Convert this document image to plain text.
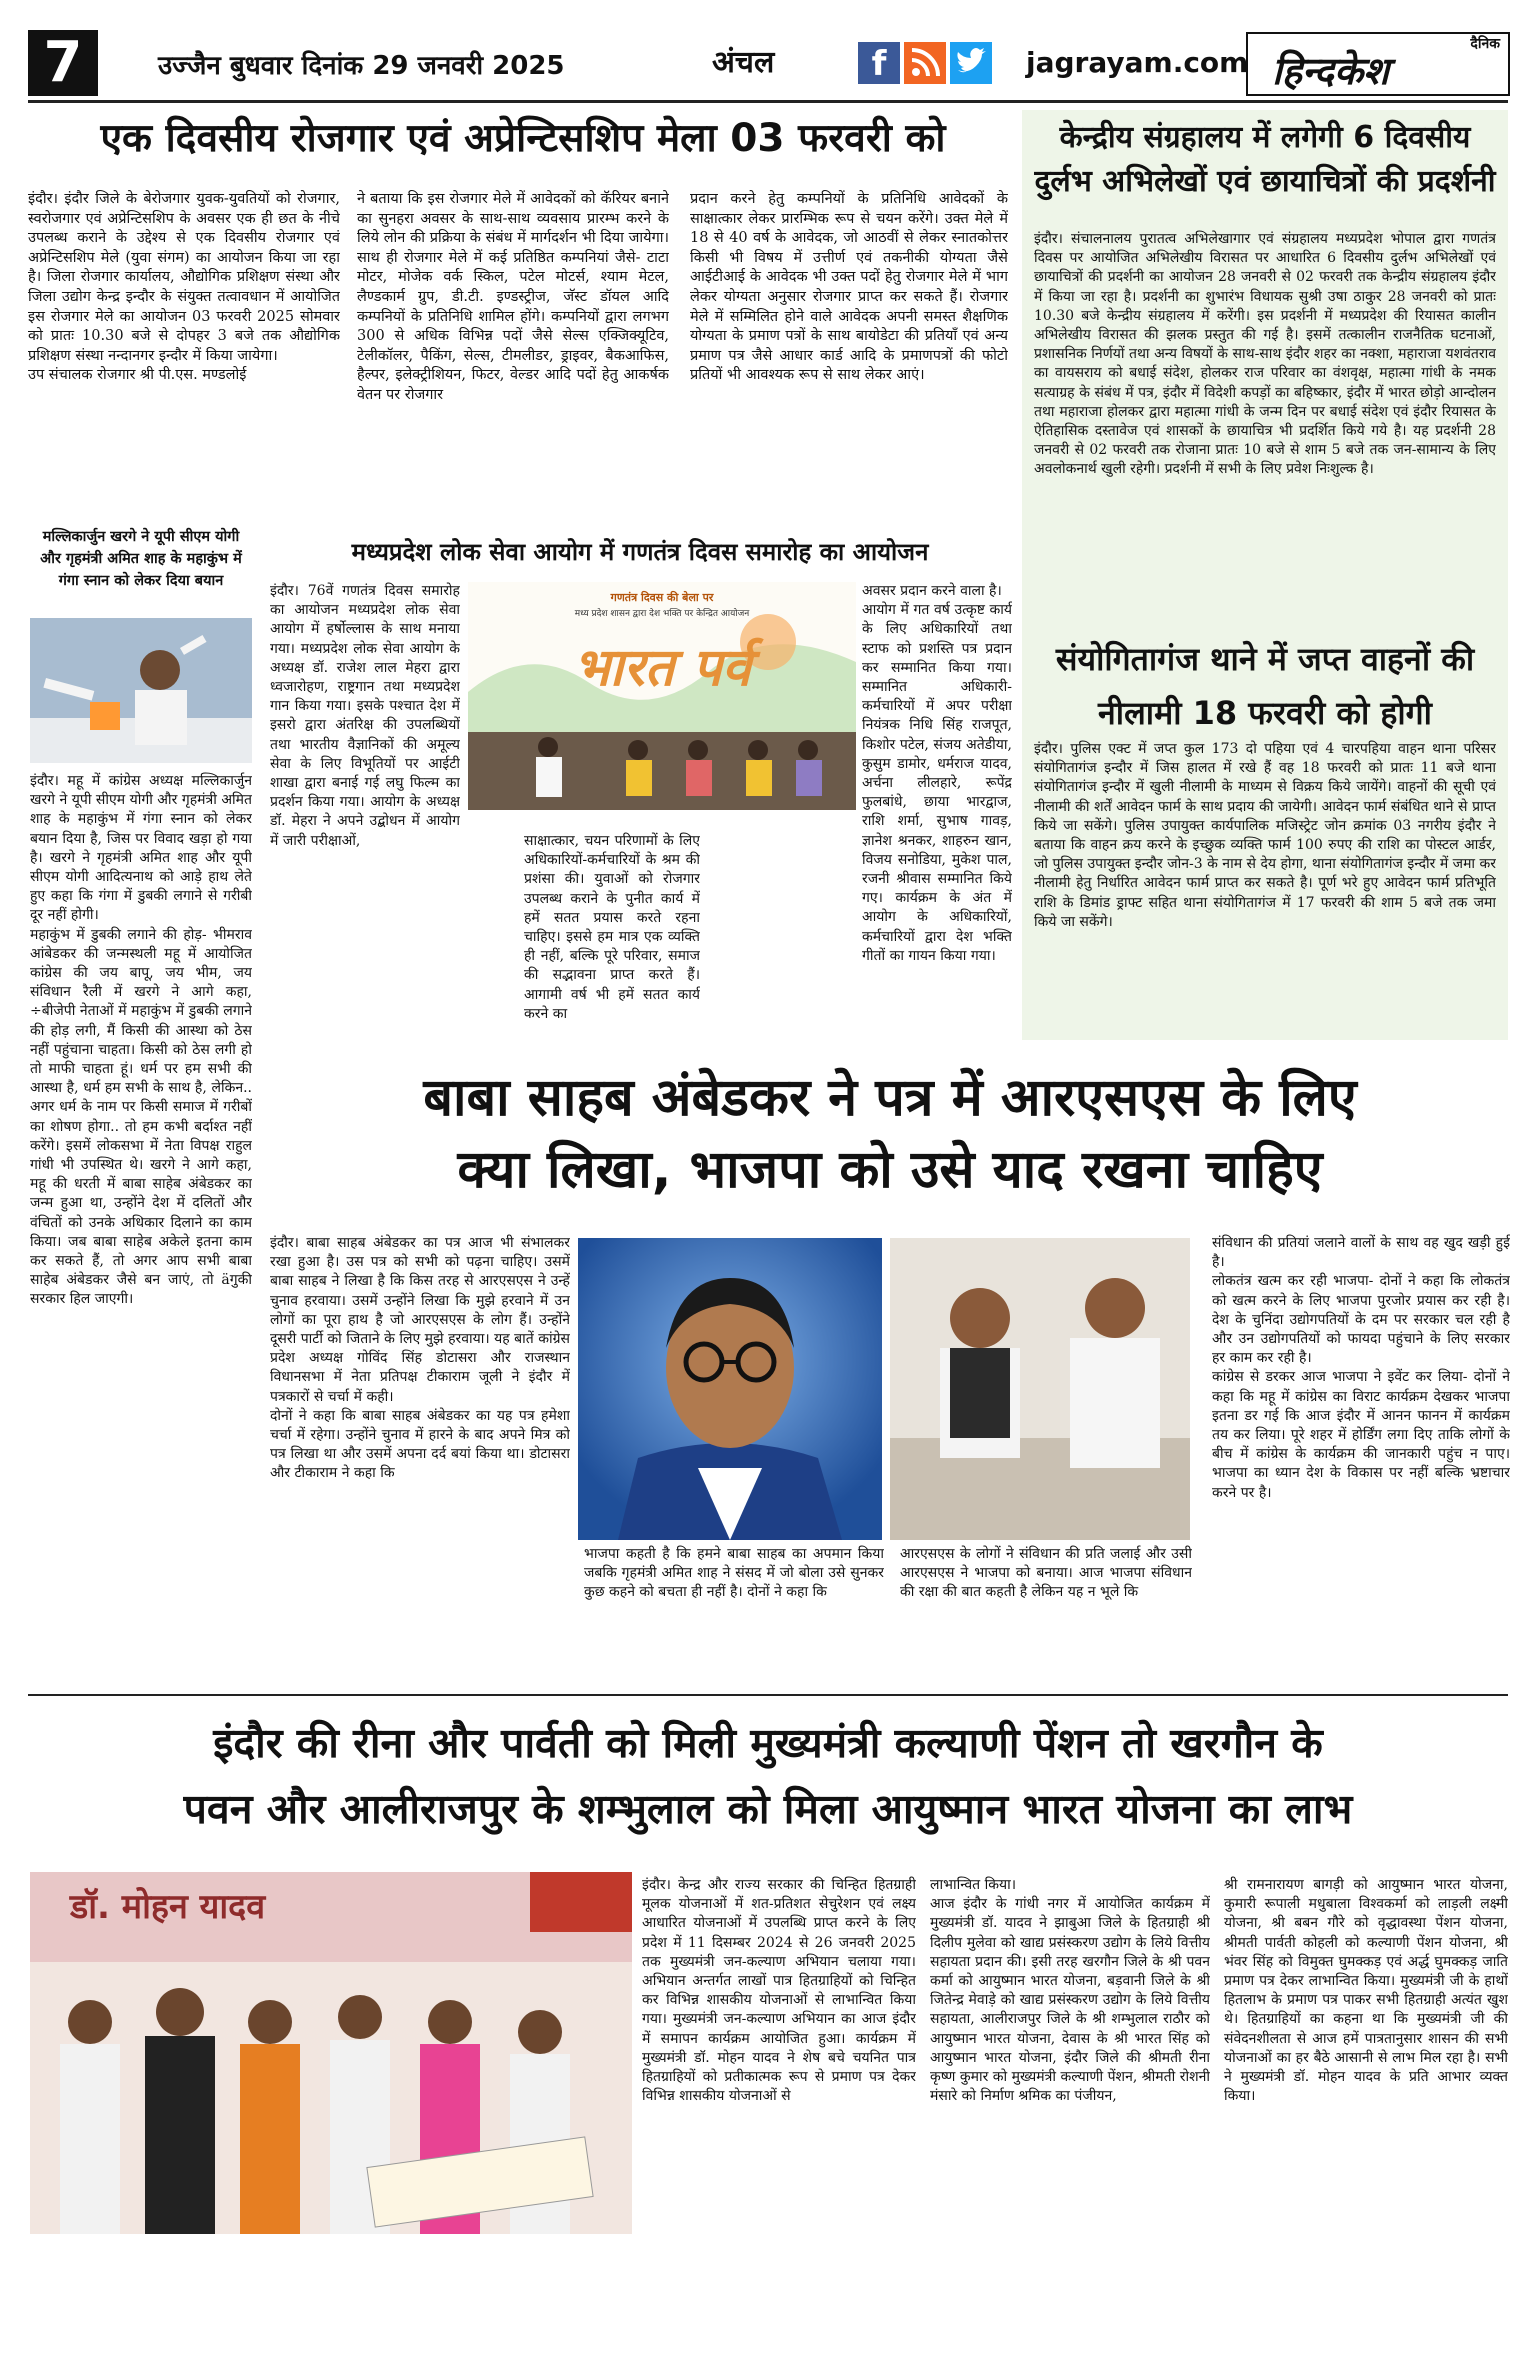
7	उज्जैन बुधवार दिनांक 29 जनवरी 2025	अंचल	f	jagrayam.com
दैनिक
हिन्दकेश
एक दिवसीय रोजगार एवं अप्रेन्टिसशिप मेला 03 फरवरी को
इंदौर। इंदौर जिले के बेरोजगार युवक-युवतियों को रोजगार, स्वरोजगार एवं अप्रेन्टिसशिप के अवसर एक ही छत के नीचे उपलब्ध कराने के उद्देश्य से एक दिवसीय रोजगार एवं अप्रेन्टिसशिप मेले (युवा संगम) का आयोजन किया जा रहा है। जिला रोजगार कार्यालय, औद्योगिक प्रशिक्षण संस्था और जिला उद्योग केन्द्र इन्दौर के संयुक्त तत्वावधान में आयोजित इस रोजगार मेले का आयोजन 03 फरवरी 2025 सोमवार को प्रातः 10.30 बजे से दोपहर 3 बजे तक औद्योगिक प्रशिक्षण संस्था नन्दानगर इन्दौर में किया जायेगा।
उप संचालक रोजगार श्री पी.एस. मण्डलोई
ने बताया कि इस रोजगार मेले में आवेदकों को कॅरियर बनाने का सुनहरा अवसर के साथ-साथ व्यवसाय प्रारम्भ करने के लिये लोन की प्रक्रिया के संबंध में मार्गदर्शन भी दिया जायेगा। साथ ही रोजगार मेले में कई प्रतिष्ठित कम्पनियां जैसे- टाटा मोटर, मोजेक वर्क स्किल, पटेल मोटर्स, श्याम मेटल, लैण्डकार्म ग्रुप, डी.टी. इण्डस्ट्रीज, जॅस्ट डॉयल आदि कम्पनियों के प्रतिनिधि शामिल होंगे। कम्पनियों द्वारा लगभग 300 से अधिक विभिन्न पदों जैसे सेल्स एक्जिक्यूटिव, टेलीकॉलर, पैकिंग, सेल्स, टीमलीडर, ड्राइवर, बैकआफिस, हैल्पर, इलेक्ट्रीशियन, फिटर, वेल्डर आदि पदों हेतु आकर्षक वेतन पर रोजगार
प्रदान करने हेतु कम्पनियों के प्रतिनिधि आवेदकों के साक्षात्कार लेकर प्रारम्भिक रूप से चयन करेंगे। उक्त मेले में 18 से 40 वर्ष के आवेदक, जो आठवीं से लेकर स्नातकोत्तर किसी भी विषय में उत्तीर्ण एवं तकनीकी योग्यता जैसे आईटीआई के आवेदक भी उक्त पदों हेतु रोजगार मेले में भाग लेकर योग्यता अनुसार रोजगार प्राप्त कर सकते हैं। रोजगार मेले में सम्मिलित होने वाले आवेदक अपनी समस्त शैक्षणिक योग्यता के प्रमाण पत्रों के साथ बायोडेटा की प्रतियाँ एवं अन्य प्रमाण पत्र जैसे आधार कार्ड आदि के प्रमाणपत्रों की फोटो प्रतियों भी आवश्यक रूप से साथ लेकर आएं।
केन्द्रीय संग्रहालय में लगेगी 6 दिवसीय दुर्लभ अभिलेखों एवं छायाचित्रों की प्रदर्शनी
इंदौर। संचालनालय पुरातत्व अभिलेखागार एवं संग्रहालय मध्यप्रदेश भोपाल द्वारा गणतंत्र दिवस पर आयोजित अभिलेखीय विरासत पर आधारित 6 दिवसीय दुर्लभ अभिलेखों एवं छायाचित्रों की प्रदर्शनी का आयोजन 28 जनवरी से 02 फरवरी तक केन्द्रीय संग्रहालय इंदौर में किया जा रहा है। प्रदर्शनी का शुभारंभ विधायक सुश्री उषा ठाकुर 28 जनवरी को प्रातः 10.30 बजे केन्द्रीय संग्रहालय में करेंगी। इस प्रदर्शनी में मध्यप्रदेश की रियासत कालीन अभिलेखीय विरासत की झलक प्रस्तुत की गई है। इसमें तत्कालीन राजनैतिक घटनाओं, प्रशासनिक निर्णयों तथा अन्य विषयों के साथ-साथ इंदौर शहर का नक्शा, महाराजा यशवंतराव का वायसराय को बधाई संदेश, होलकर राज परिवार का वंशवृक्ष, महात्मा गांधी के नमक सत्याग्रह के संबंध में पत्र, इंदौर में विदेशी कपड़ों का बहिष्कार, इंदौर में भारत छोड़ो आन्दोलन तथा महाराजा होलकर द्वारा महात्मा गांधी के जन्म दिन पर बधाई संदेश एवं इंदौर रियासत के ऐतिहासिक दस्तावेज एवं शासकों के छायाचित्र भी प्रदर्शित किये गये है। यह प्रदर्शनी 28 जनवरी से 02 फरवरी तक रोजाना प्रातः 10 बजे से शाम 5 बजे तक जन-सामान्य के लिए अवलोकनार्थ खुली रहेगी। प्रदर्शनी में सभी के लिए प्रवेश निःशुल्क है।
संयोगितागंज थाने में जप्त वाहनों की नीलामी 18 फरवरी को होगी
इंदौर। पुलिस एक्ट में जप्त कुल 173 दो पहिया एवं 4 चारपहिया वाहन थाना परिसर संयोगितागंज इन्दौर में जिस हालत में रखे हैं वह 18 फरवरी को प्रातः 11 बजे थाना संयोगितागंज इन्दौर में खुली नीलामी के माध्यम से विक्रय किये जायेंगे। वाहनों की सूची एवं नीलामी की शर्तें आवेदन फार्म के साथ प्रदाय की जायेगी। आवेदन फार्म संबंधित थाने से प्राप्त किये जा सकेंगे। पुलिस उपायुक्त कार्यपालिक मजिस्ट्रेट जोन क्रमांक 03 नगरीय इंदौर ने बताया कि वाहन क्रय करने के इच्छुक व्यक्ति फार्म 100 रुपए की राशि का पोस्टल आर्डर, जो पुलिस उपायुक्त इन्दौर जोन-3 के नाम से देय होगा, थाना संयोगितागंज इन्दौर में जमा कर नीलामी हेतु निर्धारित आवेदन फार्म प्राप्त कर सकते है। पूर्ण भरे हुए आवेदन फार्म प्रतिभूति राशि के डिमांड ड्राफ्ट सहित थाना संयोगितागंज में 17 फरवरी की शाम 5 बजे तक जमा किये जा सकेंगे।
मल्लिकार्जुन खरगे ने यूपी सीएम योगी और गृहमंत्री अमित शाह के महाकुंभ में गंगा स्नान को लेकर दिया बयान
इंदौर। महू में कांग्रेस अध्यक्ष मल्लिकार्जुन खरगे ने यूपी सीएम योगी और गृहमंत्री अमित शाह के महाकुंभ में गंगा स्नान को लेकर बयान दिया है, जिस पर विवाद खड़ा हो गया है। खरगे ने गृहमंत्री अमित शाह और यूपी सीएम योगी आदित्यनाथ को आड़े हाथ लेते हुए कहा कि गंगा में डुबकी लगाने से गरीबी दूर नहीं होगी।
महाकुंभ में डुबकी लगाने की होड़- भीमराव आंबेडकर की जन्मस्थली महू में आयोजित कांग्रेस की जय बापू, जय भीम, जय संविधान रैली में खरगे ने आगे कहा, ÷बीजेपी नेताओं में महाकुंभ में डुबकी लगाने की होड़ लगी, मैं किसी की आस्था को ठेस नहीं पहुंचाना चाहता। किसी को ठेस लगी हो तो माफी चाहता हूं। धर्म पर हम सभी की आस्था है, धर्म हम सभी के साथ है, लेकिन.. अगर धर्म के नाम पर किसी समाज में गरीबों का शोषण होगा.. तो हम कभी बर्दाश्त नहीं करेंगे। इसमें लोकसभा में नेता विपक्ष राहुल गांधी भी उपस्थित थे। खरगे ने आगे कहा, महू की धरती में बाबा साहेब अंबेडकर का जन्म हुआ था, उन्होंने देश में दलितों और वंचितों को उनके अधिकार दिलाने का काम किया। जब बाबा साहेब अकेले इतना काम कर सकते हैं, तो अगर आप सभी बाबा साहेब अंबेडकर जैसे बन जाएं, तो äगुकी सरकार हिल जाएगी।
मध्यप्रदेश लोक सेवा आयोग में गणतंत्र दिवस समारोह का आयोजन
इंदौर। 76वें गणतंत्र दिवस समारोह का आयोजन मध्यप्रदेश लोक सेवा आयोग में हर्षोल्लास के साथ मनाया गया। मध्यप्रदेश लोक सेवा आयोग के अध्यक्ष डॉ. राजेश लाल मेहरा द्वारा ध्वजारोहण, राष्ट्रगान तथा मध्यप्रदेश गान किया गया। इसके पश्चात देश में इसरो द्वारा अंतरिक्ष की उपलब्धियों तथा भारतीय वैज्ञानिकों की अमूल्य सेवा के लिए विभूतियों पर आईटी शाखा द्वारा बनाई गई लघु फिल्म का प्रदर्शन किया गया। आयोग के अध्यक्ष डॉ. मेहरा ने अपने उद्बोधन में आयोग में जारी परीक्षाओं,
गणतंत्र दिवस की बेला पर
मध्य प्रदेश शासन द्वारा देश भक्ति पर केन्द्रित आयोजन
भारत पर्व
साक्षात्कार, चयन परिणामों के लिए अधिकारियों-कर्मचारियों के श्रम की प्रशंसा की। युवाओं को रोजगार उपलब्ध कराने के पुनीत कार्य में हमें सतत प्रयास करते रहना चाहिए। इससे हम मात्र एक व्यक्ति ही नहीं, बल्कि पूरे परिवार, समाज की सद्भावना प्राप्त करते हैं। आगामी वर्ष भी हमें सतत कार्य करने का
अवसर प्रदान करने वाला है।
आयोग में गत वर्ष उत्कृष्ट कार्य के लिए अधिकारियों तथा स्टाफ को प्रशस्ति पत्र प्रदान कर सम्मानित किया गया। सम्मानित अधिकारी-कर्मचारियों में अपर परीक्षा नियंत्रक निधि सिंह राजपूत, किशोर पटेल, संजय अतेडीया, कुसुम डामोर, धर्मराज यादव, अर्चना लीलहारे, रूपेंद्र फुलबांधे, छाया भारद्वाज, राशि शर्मा, सुभाष गावड़, ज्ञानेश श्रनकर, शाहरुन खान, विजय सनोडिया, मुकेश पाल, रजनी श्रीवास सम्मानित किये गए। कार्यक्रम के अंत में आयोग के अधिकारियों, कर्मचारियों द्वारा देश भक्ति गीतों का गायन किया गया।
बाबा साहब अंबेडकर ने पत्र में आरएसएस के लिए
क्या लिखा, भाजपा को उसे याद रखना चाहिए
इंदौर। बाबा साहब अंबेडकर का पत्र आज भी संभालकर रखा हुआ है। उस पत्र को सभी को पढ़ना चाहिए। उसमें बाबा साहब ने लिखा है कि किस तरह से आरएसएस ने उन्हें चुनाव हरवाया। उसमें उन्होंने लिखा कि मुझे हरवाने में उन लोगों का पूरा हाथ है जो आरएसएस के लोग हैं। उन्होंने दूसरी पार्टी को जिताने के लिए मुझे हरवाया। यह बातें कांग्रेस प्रदेश अध्यक्ष गोविंद सिंह डोटासरा और राजस्थान विधानसभा में नेता प्रतिपक्ष टीकाराम जूली ने इंदौर में पत्रकारों से चर्चा में कही।
दोनों ने कहा कि बाबा साहब अंबेडकर का यह पत्र हमेशा चर्चा में रहेगा। उन्होंने चुनाव में हारने के बाद अपने मित्र को पत्र लिखा था और उसमें अपना दर्द बयां किया था। डोटासरा और टीकाराम ने कहा कि
भाजपा कहती है कि हमने बाबा साहब का अपमान किया जबकि गृहमंत्री अमित शाह ने संसद में जो बोला उसे सुनकर कुछ कहने को बचता ही नहीं है। दोनों ने कहा कि
आरएसएस के लोगों ने संविधान की प्रति जलाई और उसी आरएसएस ने भाजपा को बनाया। आज भाजपा संविधान की रक्षा की बात कहती है लेकिन यह न भूले कि
संविधान की प्रतियां जलाने वालों के साथ वह खुद खड़ी हुई है।
लोकतंत्र खत्म कर रही भाजपा- दोनों ने कहा कि लोकतंत्र को खत्म करने के लिए भाजपा पुरजोर प्रयास कर रही है। देश के चुनिंदा उद्योगपतियों के दम पर सरकार चल रही है और उन उद्योगपतियों को फायदा पहुंचाने के लिए सरकार हर काम कर रही है।
कांग्रेस से डरकर आज भाजपा ने इवेंट कर लिया- दोनों ने कहा कि महू में कांग्रेस का विराट कार्यक्रम देखकर भाजपा इतना डर गई कि आज इंदौर में आनन फानन में कार्यक्रम तय कर लिया। पूरे शहर में होर्डिंग लगा दिए ताकि लोगों के बीच में कांग्रेस के कार्यक्रम की जानकारी पहुंच न पाए। भाजपा का ध्यान देश के विकास पर नहीं बल्कि भ्रष्टाचार करने पर है।
इंदौर की रीना और पार्वती को मिली मुख्यमंत्री कल्याणी पेंशन तो खरगौन के
पवन और आलीराजपुर के शम्भुलाल को मिला आयुष्मान भारत योजना का लाभ
डॉ. मोहन यादव
इंदौर। केन्द्र और राज्य सरकार की चिन्हित हितग्राही मूलक योजनाओं में शत-प्रतिशत सेचुरेशन एवं लक्ष्य आधारित योजनाओं में उपलब्धि प्राप्त करने के लिए प्रदेश में 11 दिसम्बर 2024 से 26 जनवरी 2025 तक मुख्यमंत्री जन-कल्याण अभियान चलाया गया। अभियान अन्तर्गत लाखों पात्र हितग्राहियों को चिन्हित कर विभिन्न शासकीय योजनाओं से लाभान्वित किया गया। मुख्यमंत्री जन-कल्याण अभियान का आज इंदौर में समापन कार्यक्रम आयोजित हुआ। कार्यक्रम में मुख्यमंत्री डॉ. मोहन यादव ने शेष बचे चयनित पात्र हितग्राहियों को प्रतीकात्मक रूप से प्रमाण पत्र देकर विभिन्न शासकीय योजनाओं से
लाभान्वित किया।
आज इंदौर के गांधी नगर में आयोजित कार्यक्रम में मुख्यमंत्री डॉ. यादव ने झाबुआ जिले के हितग्राही श्री दिलीप मुलेवा को खाद्य प्रसंस्करण उद्योग के लिये वित्तीय सहायता प्रदान की। इसी तरह खरगौन जिले के श्री पवन कर्मा को आयुष्मान भारत योजना, बड़वानी जिले के श्री जितेन्द्र मेवाड़े को खाद्य प्रसंस्करण उद्योग के लिये वित्तीय सहायता, आलीराजपुर जिले के श्री शम्भुलाल राठौर को आयुष्मान भारत योजना, देवास के श्री भारत सिंह को आयुष्मान भारत योजना, इंदौर जिले की श्रीमती रीना कृष्ण कुमार को मुख्यमंत्री कल्याणी पेंशन, श्रीमती रोशनी मंसारे को निर्माण श्रमिक का पंजीयन,
श्री रामनारायण बागड़ी को आयुष्मान भारत योजना, कुमारी रूपाली मधुबाला विश्वकर्मा को लाड़ली लक्ष्मी योजना, श्री बबन गौरे को वृद्धावस्था पेंशन योजना, श्रीमती पार्वती कोहली को कल्याणी पेंशन योजना, श्री भंवर सिंह को विमुक्त घुमक्कड़ एवं अर्द्ध घुमक्कड़ जाति प्रमाण पत्र देकर लाभान्वित किया। मुख्यमंत्री जी के हाथों हितलाभ के प्रमाण पत्र पाकर सभी हितग्राही अत्यंत खुश थे। हितग्राहियों का कहना था कि मुख्यमंत्री जी की संवेदनशीलता से आज हमें पात्रतानुसार शासन की सभी योजनाओं का हर बैठे आसानी से लाभ मिल रहा है। सभी ने मुख्यमंत्री डॉ. मोहन यादव के प्रति आभार व्यक्त किया।
